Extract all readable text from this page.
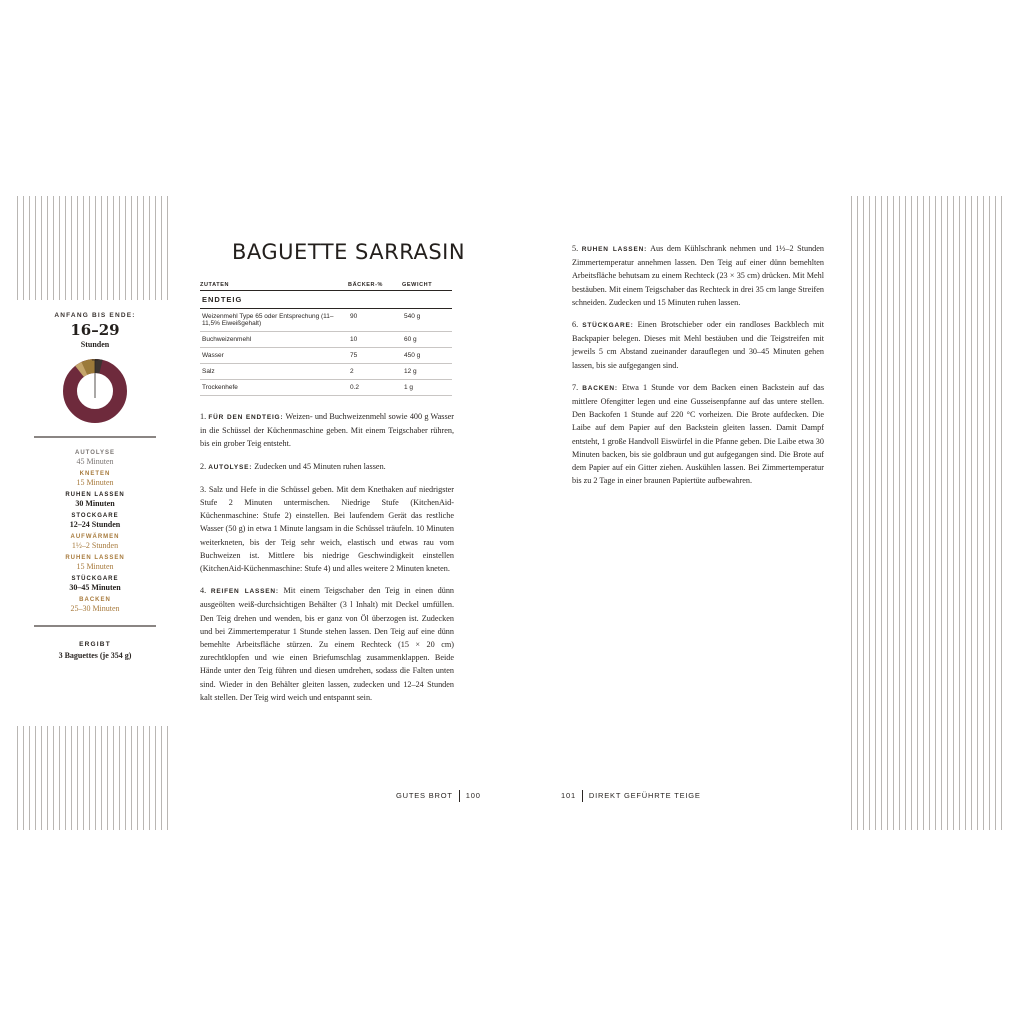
ANFANG BIS ENDE:
16–29
Stunden
AUTOLYSE
45 Minuten
KNETEN
15 Minuten
RUHEN LASSEN
30 Minuten
STOCKGARE
12–24 Stunden
AUFWÄRMEN
1½–2 Stunden
RUHEN LASSEN
15 Minuten
STÜCKGARE
30–45 Minuten
BACKEN
25–30 Minuten
ERGIBT
3 Baguettes (je 354 g)
BAGUETTE SARRASIN
ZUTATEN	BÄCKER-%	GEWICHT
ENDTEIG		
Weizenmehl Type 65 oder Entsprechung (11–11,5% Eiweißgehalt)	90	540 g
Buchweizenmehl	10	60 g
Wasser	75	450 g
Salz	2	12 g
Trockenhefe	0.2	1 g

1. FÜR DEN ENDTEIG: Weizen- und Buchweizenmehl sowie 400 g Wasser in die Schüssel der Küchenmaschine geben. Mit einem Teigschaber rühren, bis ein grober Teig entsteht.

2. AUTOLYSE: Zudecken und 45 Minuten ruhen lassen.

3. Salz und Hefe in die Schüssel geben. Mit dem Knethaken auf niedrigster Stufe 2 Minuten untermischen. Niedrige Stufe (KitchenAid-Küchenmaschine: Stufe 2) einstellen. Bei laufendem Gerät das restliche Wasser (50 g) in etwa 1 Minute langsam in die Schüssel träufeln. 10 Minuten weiterkneten, bis der Teig sehr weich, elastisch und etwas rau vom Buchweizen ist. Mittlere bis niedrige Geschwindigkeit einstellen (KitchenAid-Küchenmaschine: Stufe 4) und alles weitere 2 Minuten kneten.

4. REIFEN LASSEN: Mit einem Teigschaber den Teig in einen dünn ausgeölten weiß-durchsichtigen Behälter (3 l Inhalt) mit Deckel umfüllen. Den Teig drehen und wenden, bis er ganz von Öl überzogen ist. Zudecken und bei Zimmertemperatur 1 Stunde stehen lassen. Den Teig auf eine dünn bemehlte Arbeitsfläche stürzen. Zu einem Rechteck (15 × 20 cm) zurechtklopfen und wie einen Briefumschlag zusammenklappen. Beide Hände unter den Teig führen und diesen umdrehen, sodass die Falten unten sind. Wieder in den Behälter gleiten lassen, zudecken und 12–24 Stunden kalt stellen. Der Teig wird weich und entspannt sein.

5. RUHEN LASSEN: Aus dem Kühlschrank nehmen und 1½–2 Stunden Zimmertemperatur annehmen lassen. Den Teig auf einer dünn bemehlten Arbeitsfläche behutsam zu einem Rechteck (23 × 35 cm) drücken. Mit Mehl bestäuben. Mit einem Teigschaber das Rechteck in drei 35 cm lange Streifen schneiden. Zudecken und 15 Minuten ruhen lassen.

6. STÜCKGARE: Einen Brotschieber oder ein randloses Backblech mit Backpapier belegen. Dieses mit Mehl bestäuben und die Teigstreifen mit jeweils 5 cm Abstand zueinander darauflegen und 30–45 Minuten gehen lassen, bis sie aufgegangen sind.

7. BACKEN: Etwa 1 Stunde vor dem Backen einen Backstein auf das mittlere Ofengitter legen und eine Gusseisenpfanne auf das untere stellen. Den Backofen 1 Stunde auf 220 °C vorheizen. Die Brote aufdecken. Die Laibe auf dem Papier auf den Backstein gleiten lassen. Damit Dampf entsteht, 1 große Handvoll Eiswürfel in die Pfanne geben. Die Laibe etwa 30 Minuten backen, bis sie goldbraun und gut aufgegangen sind. Die Brote auf dem Papier auf ein Gitter ziehen. Auskühlen lassen. Bei Zimmertemperatur bis zu 2 Tage in einer braunen Papiertüte aufbewahren.

GUTES BROT 100	101 DIREKT GEFÜHRTE TEIGE
